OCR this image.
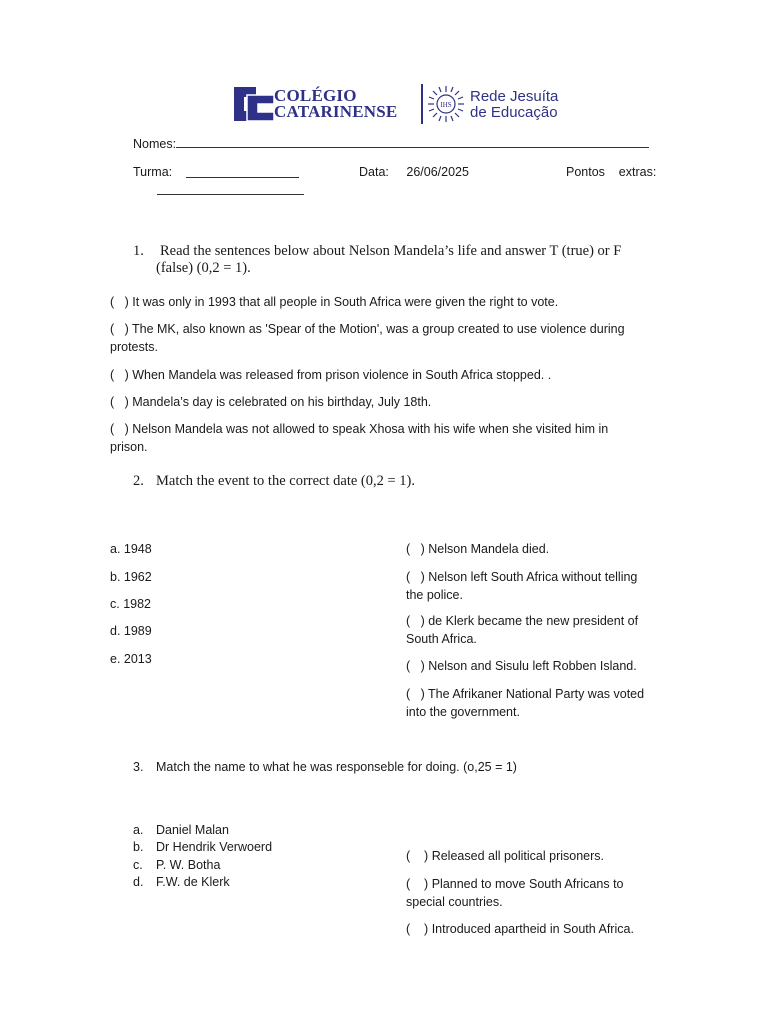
COLÉGIO
CATARINENSE	IHS Rede Jesuíta
de Educação
Nomes:
Turma:	Data: 26/06/2025	Pontos    extras:
1. Read the sentences below about Nelson Mandela’s life and answer T (true) or F
(false) (0,2 = 1).
(   ) It was only in 1993 that all people in South Africa were given the right to vote.
(   ) The MK, also known as 'Spear of the Motion', was a group created to use violence during
protests.
(   ) When Mandela was released from prison violence in South Africa stopped. .
(   ) Mandela’s day is celebrated on his birthday, July 18th.
(   ) Nelson Mandela was not allowed to speak Xhosa with his wife when she visited him in
prison.
2. Match the event to the correct date (0,2 = 1).
a. 1948
b. 1962
c. 1982
d. 1989
e. 2013
(   ) Nelson Mandela died.
(   ) Nelson left South Africa without telling
the police.
(   ) de Klerk became the new president of
South Africa.
(   ) Nelson and Sisulu left Robben Island.
(   ) The Afrikaner National Party was voted
into the government.
3. Match the name to what he was responseble for doing. (o,25 = 1)
a. Daniel Malan
b. Dr Hendrik Verwoerd
c. P. W. Botha
d. F.W. de Klerk
(    ) Released all political prisoners.
(    ) Planned to move South Africans to
special countries.
(    ) Introduced apartheid in South Africa.
